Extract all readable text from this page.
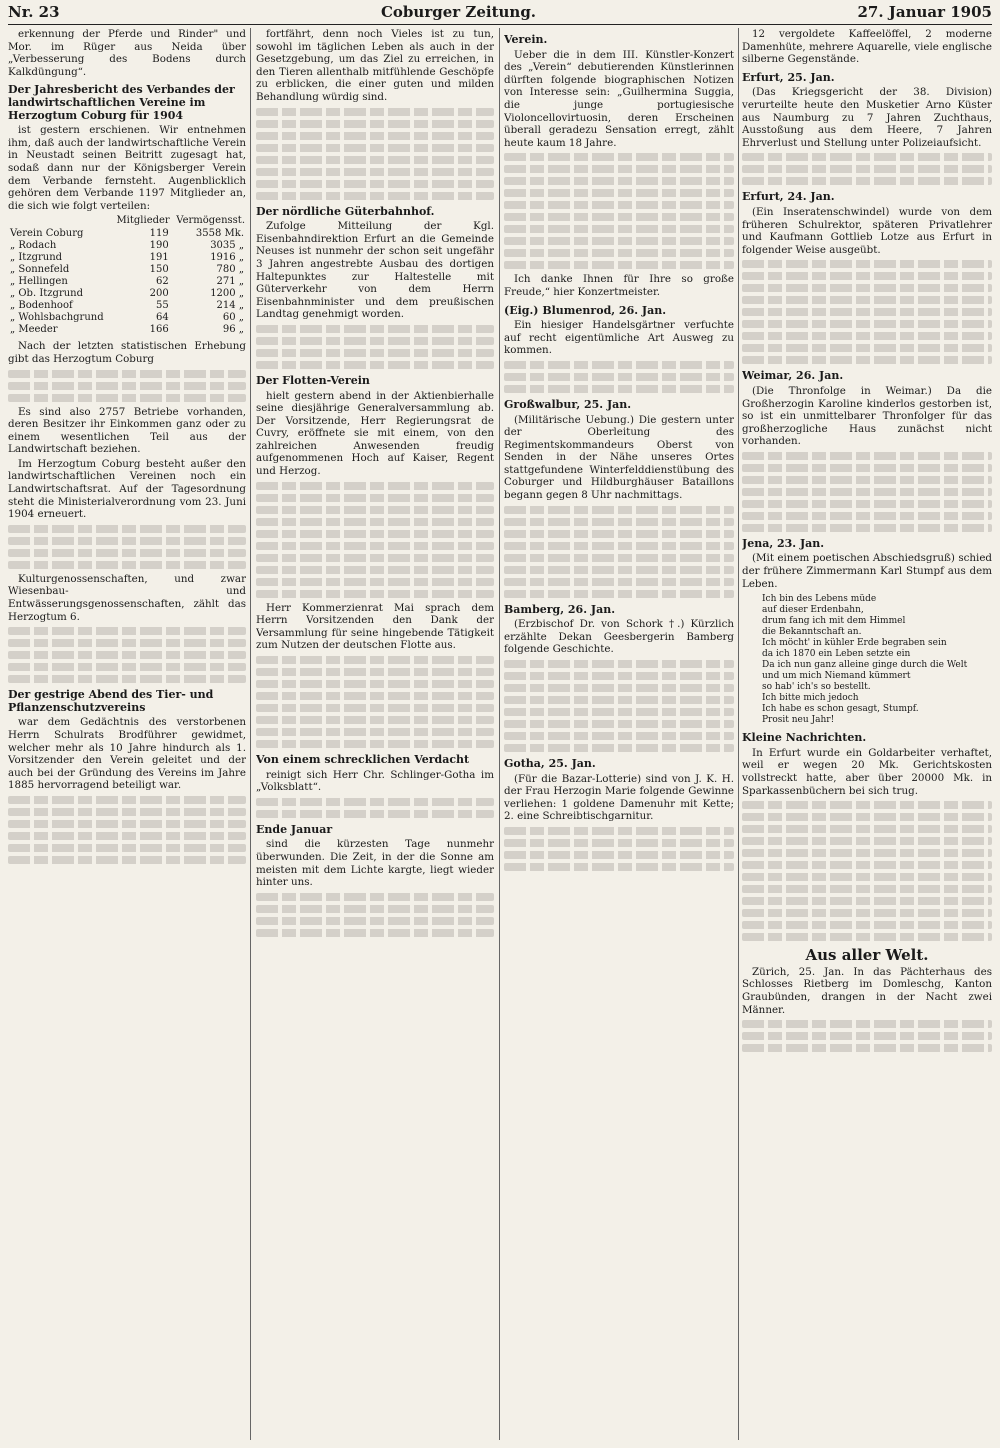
Nr. 23	Coburger Zeitung.	27. Januar 1905

erkennung der Pferde und Rinder" und Mor. im Rüger aus Neida über „Verbesserung des Bodens durch Kalkdüngung“.

Der Jahresbericht des Verbandes der landwirtschaftlichen Vereine im Herzogtum Coburg für 1904

ist gestern erschienen. Wir entnehmen ihm, daß auch der landwirtschaftliche Verein in Neustadt seinen Beitritt zugesagt hat, sodaß dann nur der Königsberger Verein dem Verbande fernsteht. Augenblicklich gehören dem Verbande 1197 Mitglieder an, die sich wie folgt verteilen:

	Mitglieder	Vermögensst.
Verein Coburg	119	3558 Mk.
„ Rodach	190	3035 „
„ Itzgrund	191	1916 „
„ Sonnefeld	150	780 „
„ Hellingen	62	271 „
„ Ob. Itzgrund	200	1200 „
„ Bodenhoof	55	214 „
„ Wohlsbachgrund	64	60 „
„ Meeder	166	96 „

Nach der letzten statistischen Erhebung gibt das Herzogtum Coburg

Es sind also 2757 Betriebe vorhanden, deren Besitzer ihr Einkommen ganz oder zu einem wesentlichen Teil aus der Landwirtschaft beziehen.

Im Herzogtum Coburg besteht außer den landwirtschaftlichen Vereinen noch ein Landwirtschaftsrat. Auf der Tagesordnung steht die Ministerialverordnung vom 23. Juni 1904 erneuert.

Kulturgenossenschaften, und zwar Wiesenbau- und Entwässerungsgenossenschaften, zählt das Herzogtum 6.

Der gestrige Abend des Tier- und Pflanzenschutzvereins

war dem Gedächtnis des verstorbenen Herrn Schulrats Brodführer gewidmet, welcher mehr als 10 Jahre hindurch als 1. Vorsitzender den Verein geleitet und der auch bei der Gründung des Vereins im Jahre 1885 hervorragend beteiligt war.

fortfährt, denn noch Vieles ist zu tun, sowohl im täglichen Leben als auch in der Gesetzgebung, um das Ziel zu erreichen, in den Tieren allenthalb mitfühlende Geschöpfe zu erblicken, die einer guten und milden Behandlung würdig sind.

Der nördliche Güterbahnhof.

Zufolge Mitteilung der Kgl. Eisenbahndirektion Erfurt an die Gemeinde Neuses ist nunmehr der schon seit ungefähr 3 Jahren angestrebte Ausbau des dortigen Haltepunktes zur Haltestelle mit Güterverkehr von dem Herrn Eisenbahnminister und dem preußischen Landtag genehmigt worden.

Der Flotten-Verein

hielt gestern abend in der Aktienbierhalle seine diesjährige Generalversammlung ab. Der Vorsitzende, Herr Regierungsrat de Cuvry, eröffnete sie mit einem, von den zahlreichen Anwesenden freudig aufgenommenen Hoch auf Kaiser, Regent und Herzog.

Herr Kommerzienrat Mai sprach dem Herrn Vorsitzenden den Dank der Versammlung für seine hingebende Tätigkeit zum Nutzen der deutschen Flotte aus.

Von einem schrecklichen Verdacht

reinigt sich Herr Chr. Schlinger-Gotha im „Volksblatt“.

Ende Januar

sind die kürzesten Tage nunmehr überwunden. Die Zeit, in der die Sonne am meisten mit dem Lichte kargte, liegt wieder hinter uns.

Verein.

Ueber die in dem III. Künstler-Konzert des „Verein“ debutierenden Künstlerinnen dürften folgende biographischen Notizen von Interesse sein: „Guilhermina Suggia, die junge portugiesische Violoncellovirtuosin, deren Erscheinen überall geradezu Sensation erregt, zählt heute kaum 18 Jahre.

Ich danke Ihnen für Ihre so große Freude,“ hier Konzertmeister.

(Eig.) Blumenrod, 26. Jan.

Ein hiesiger Handelsgärtner verfuchte auf recht eigentümliche Art Ausweg zu kommen.

Großwalbur, 25. Jan.

(Militärische Uebung.) Die gestern unter der Oberleitung des Regimentskommandeurs Oberst von Senden in der Nähe unseres Ortes stattgefundene Winterfelddienstübung des Coburger und Hildburghäuser Bataillons begann gegen 8 Uhr nachmittags.

Bamberg, 26. Jan.

(Erzbischof Dr. von Schork †.) Kürzlich erzählte Dekan Geesbergerin Bamberg folgende Geschichte.

Gotha, 25. Jan.

(Für die Bazar-Lotterie) sind von J. K. H. der Frau Herzogin Marie folgende Gewinne verliehen: 1 goldene Damenuhr mit Kette; 2. eine Schreibtischgarnitur.

12 vergoldete Kaffeelöffel, 2 moderne Damenhüte, mehrere Aquarelle, viele englische silberne Gegenstände.

Erfurt, 25. Jan.

(Das Kriegsgericht der 38. Division) verurteilte heute den Musketier Arno Küster aus Naumburg zu 7 Jahren Zuchthaus, Ausstoßung aus dem Heere, 7 Jahren Ehrverlust und Stellung unter Polizeiaufsicht.

Erfurt, 24. Jan.

(Ein Inseratenschwindel) wurde von dem früheren Schulrektor, späteren Privatlehrer und Kaufmann Gottlieb Lotze aus Erfurt in folgender Weise ausgeübt.

Weimar, 26. Jan.

(Die Thronfolge in Weimar.) Da die Großherzogin Karoline kinderlos gestorben ist, so ist ein unmittelbarer Thronfolger für das großherzogliche Haus zunächst nicht vorhanden.

Jena, 23. Jan.

(Mit einem poetischen Abschiedsgruß) schied der frühere Zimmermann Karl Stumpf aus dem Leben.

Ich bin des Lebens müde
auf dieser Erdenbahn,
drum fang ich mit dem Himmel
die Bekanntschaft an.
Ich möcht' in kühler Erde begraben sein
da ich 1870 ein Leben setzte ein
Da ich nun ganz alleine ginge durch die Welt
und um mich Niemand kümmert
so hab' ich's so bestellt.
Ich bitte mich jedoch
Ich habe es schon gesagt, Stumpf.
Prosit neu Jahr!
Kleine Nachrichten.

In Erfurt wurde ein Goldarbeiter verhaftet, weil er wegen 20 Mk. Gerichtskosten vollstreckt hatte, aber über 20000 Mk. in Sparkassenbüchern bei sich trug.

Aus aller Welt.

Zürich, 25. Jan. In das Pächterhaus des Schlosses Rietberg im Domleschg, Kanton Graubünden, drangen in der Nacht zwei Männer.
